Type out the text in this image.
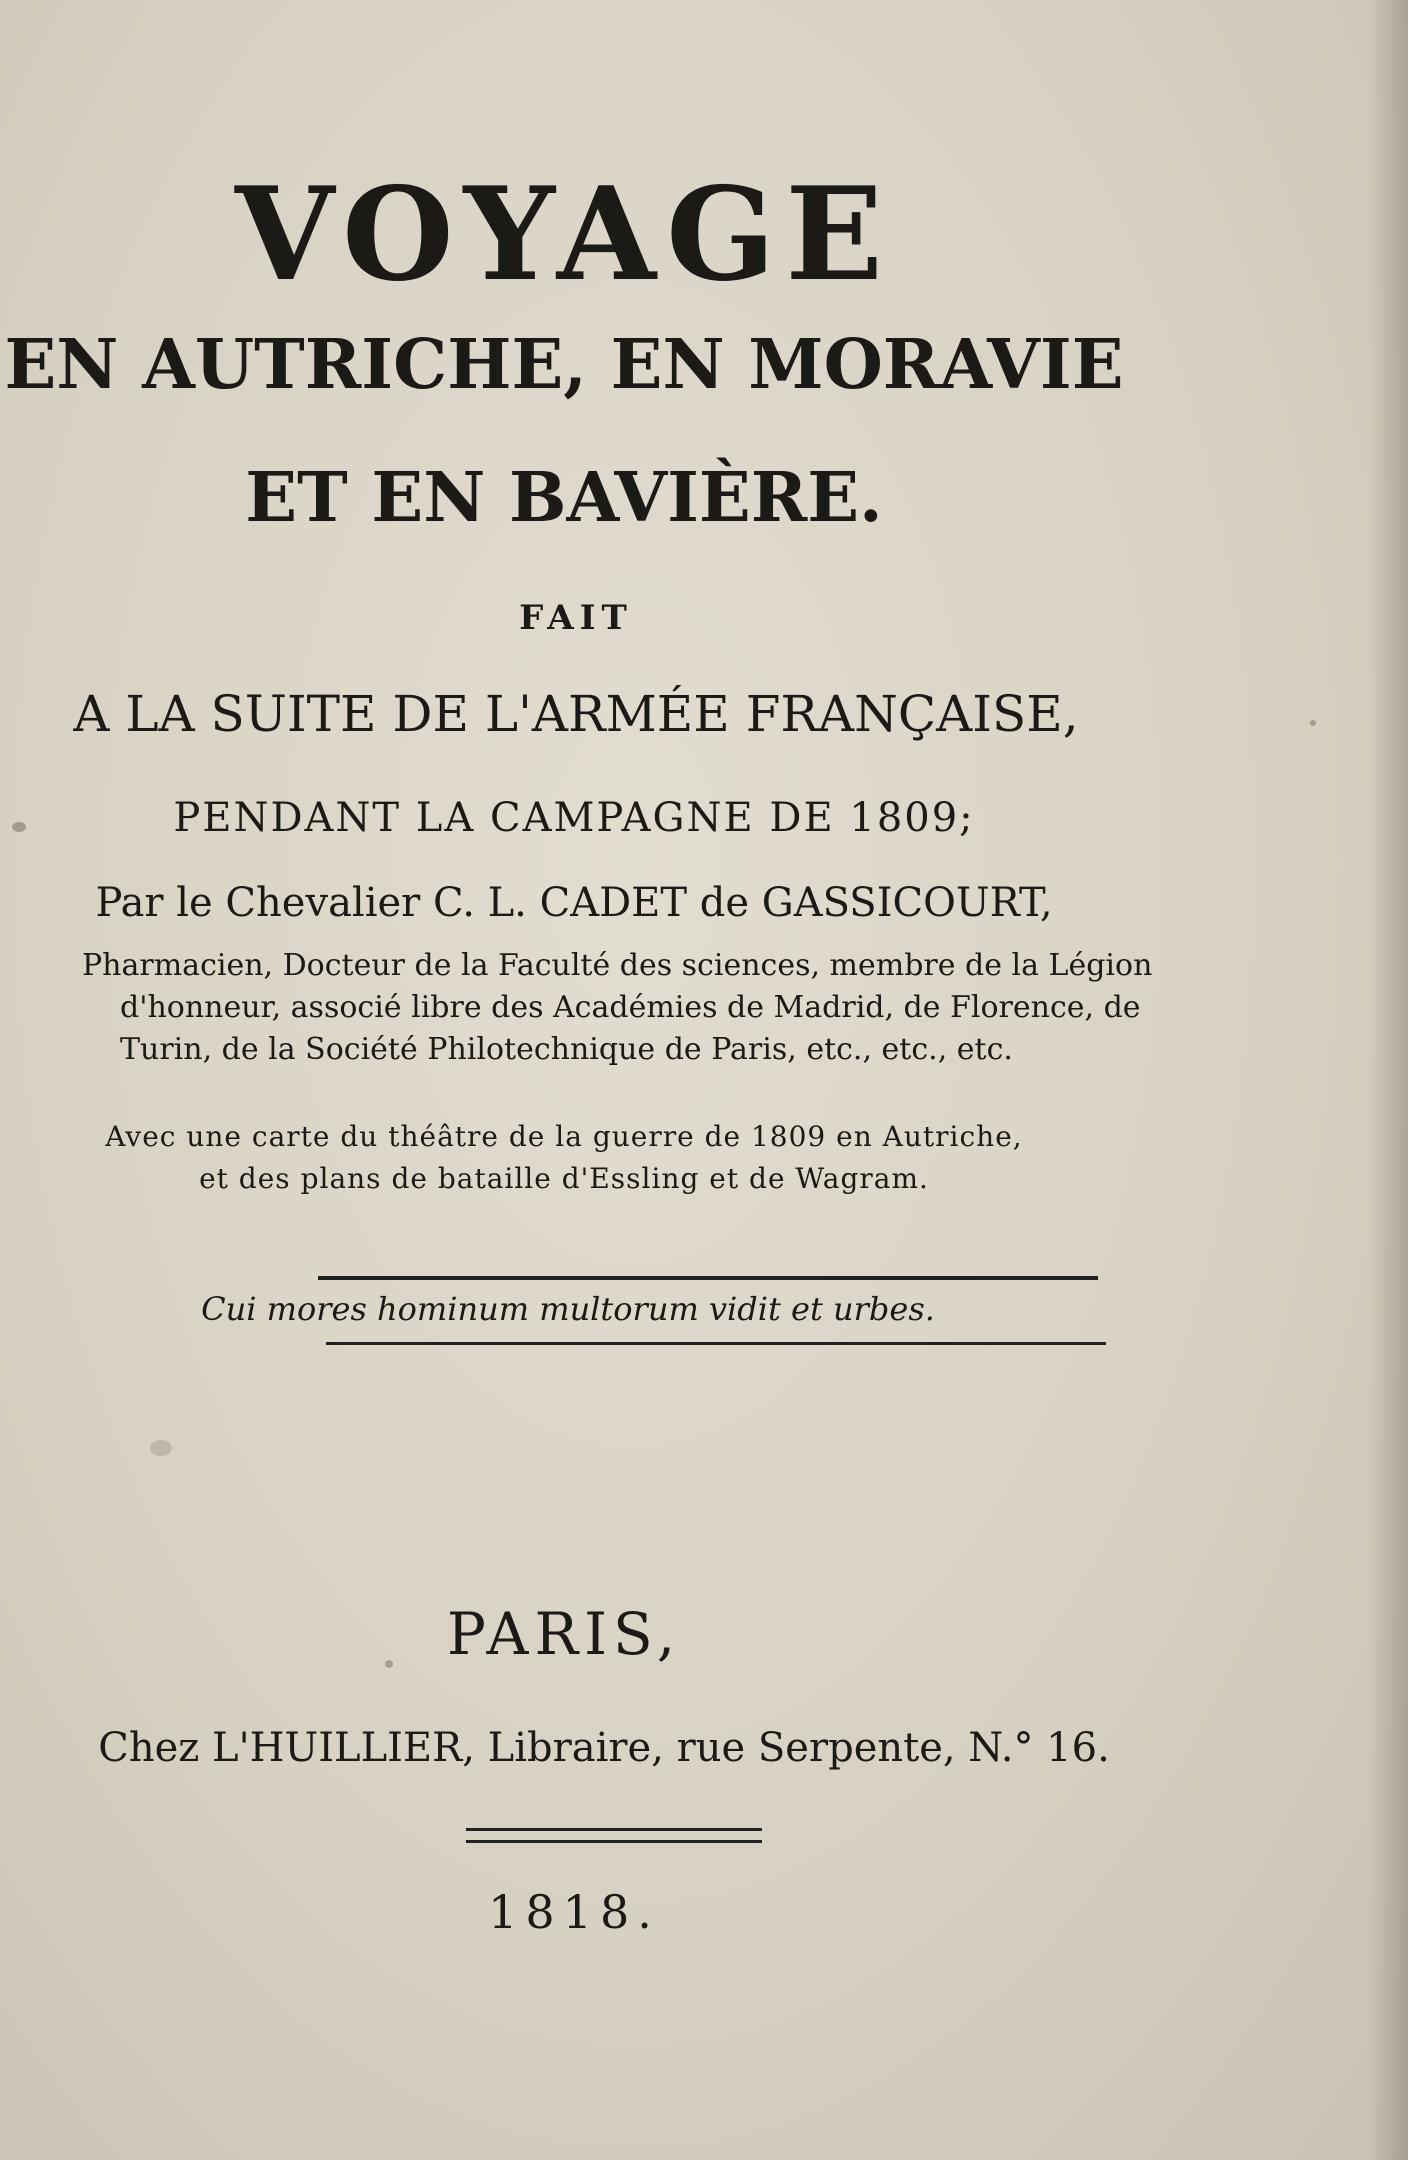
VOYAGE
EN AUTRICHE, EN MORAVIE
ET EN BAVIÈRE.
FAIT
A LA SUITE DE L'ARMÉE FRANÇAISE,
PENDANT LA CAMPAGNE DE 1809;
Par le Chevalier C. L. CADET de GASSICOURT,
Pharmacien, Docteur de la Faculté des sciences, membre de la Légion
d'honneur, associé libre des Académies de Madrid, de Florence, de
Turin, de la Société Philotechnique de Paris, etc., etc., etc.
Avec une carte du théâtre de la guerre de 1809 en Autriche,
et des plans de bataille d'Essling et de Wagram.
Cui mores hominum multorum vidit et urbes.
PARIS,
Chez L'HUILLIER, Libraire, rue Serpente, N.° 16.
1818.
